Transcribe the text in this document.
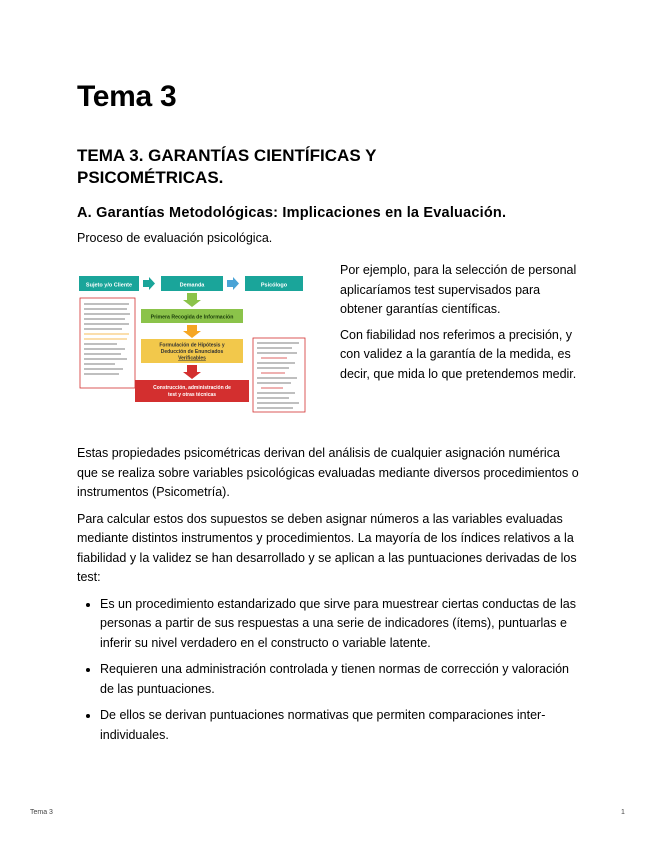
Tema 3
TEMA 3. GARANTÍAS CIENTÍFICAS Y PSICOMÉTRICAS.
A. Garantías Metodológicas: Implicaciones en la Evaluación.

Proceso de evaluación psicológica.

Sujeto y/o Cliente	Demanda	Psicólogo
Primera Recogida de Información
Formulación de Hipótesis y
Deducción de Enunciados
Verificables
Construcción, administración de
test y otras técnicas

Por ejemplo, para la selección de personal aplicaríamos test supervisados para obtener garantías científicas.

Con fiabilidad nos referimos a precisión, y con validez a la garantía de la medida, es decir, que mida lo que pretendemos medir.

Estas propiedades psicométricas derivan del análisis de cualquier asignación numérica que se realiza sobre variables psicológicas evaluadas mediante diversos procedimientos o instrumentos (Psicometría).

Para calcular estos dos supuestos se deben asignar números a las variables evaluadas mediante distintos instrumentos y procedimientos. La mayoría de los índices relativos a la fiabilidad y la validez se han desarrollado y se aplican a las puntuaciones derivadas de los test:

• Es un procedimiento estandarizado que sirve para muestrear ciertas conductas de las personas a partir de sus respuestas a una serie de indicadores (ítems), puntuarlas e inferir su nivel verdadero en el constructo o variable latente.
• Requieren una administración controlada y tienen normas de corrección y valoración de las puntuaciones.
• De ellos se derivan puntuaciones normativas que permiten comparaciones inter-individuales.
Tema 3	1
